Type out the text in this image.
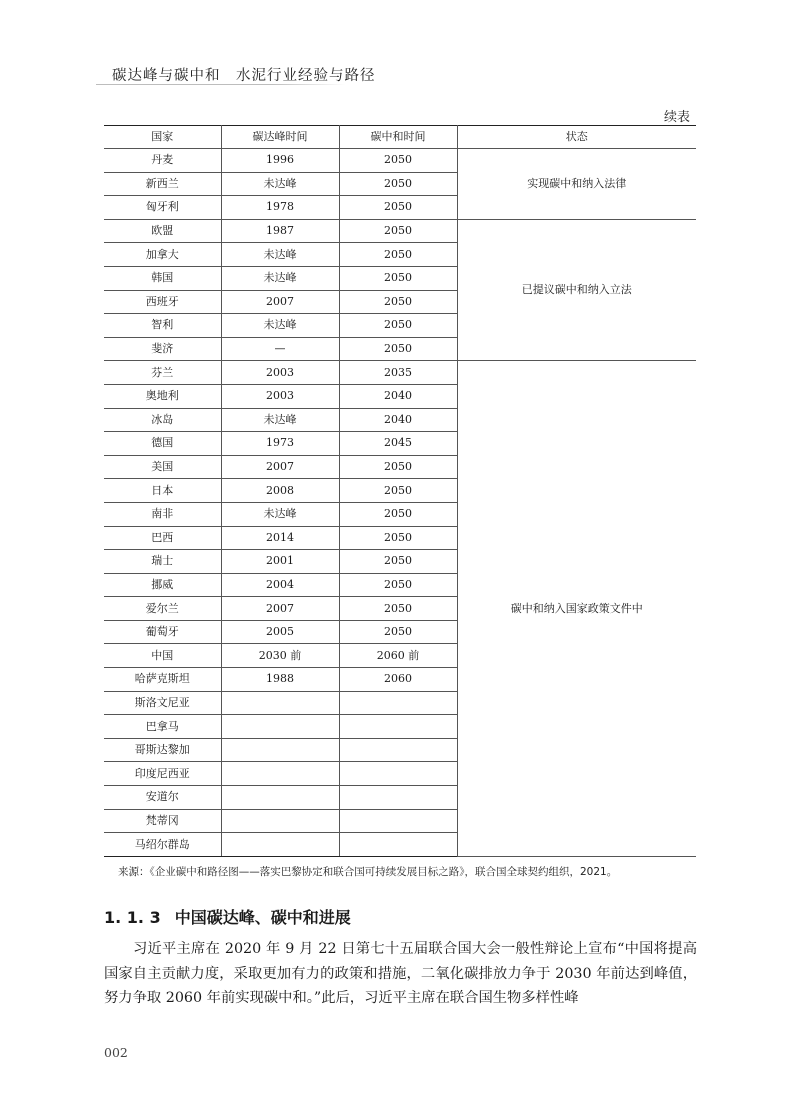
碳达峰与碳中和　水泥行业经验与路径
续表
国家	碳达峰时间	碳中和时间	状态
丹麦	1996	2050	实现碳中和纳入法律
新西兰	未达峰	2050	
匈牙利	1978	2050	
欧盟	1987	2050	已提议碳中和纳入立法
加拿大	未达峰	2050	
韩国	未达峰	2050	
西班牙	2007	2050	
智利	未达峰	2050	
斐济	—	2050	
芬兰	2003	2035	碳中和纳入国家政策文件中
奥地利	2003	2040	
冰岛	未达峰	2040	
德国	1973	2045	
美国	2007	2050	
日本	2008	2050	
南非	未达峰	2050	
巴西	2014	2050	
瑞士	2001	2050	
挪威	2004	2050	
爱尔兰	2007	2050	
葡萄牙	2005	2050	
中国	2030 前	2060 前	
哈萨克斯坦	1988	2060	
斯洛文尼亚			
巴拿马			
哥斯达黎加			
印度尼西亚			
安道尔			
梵蒂冈			
马绍尔群岛			
来源：《企业碳中和路径图——落实巴黎协定和联合国可持续发展目标之路》，联合国全球契约组织，2021。
1. 1. 3 中国碳达峰、碳中和进展

习近平主席在 2020 年 9 月 22 日第七十五届联合国大会一般性辩论上宣布“中国将提高国家自主贡献力度，采取更加有力的政策和措施，二氧化碳排放力争于 2030 年前达到峰值，努力争取 2060 年前实现碳中和。”此后，习近平主席在联合国生物多样性峰

002
